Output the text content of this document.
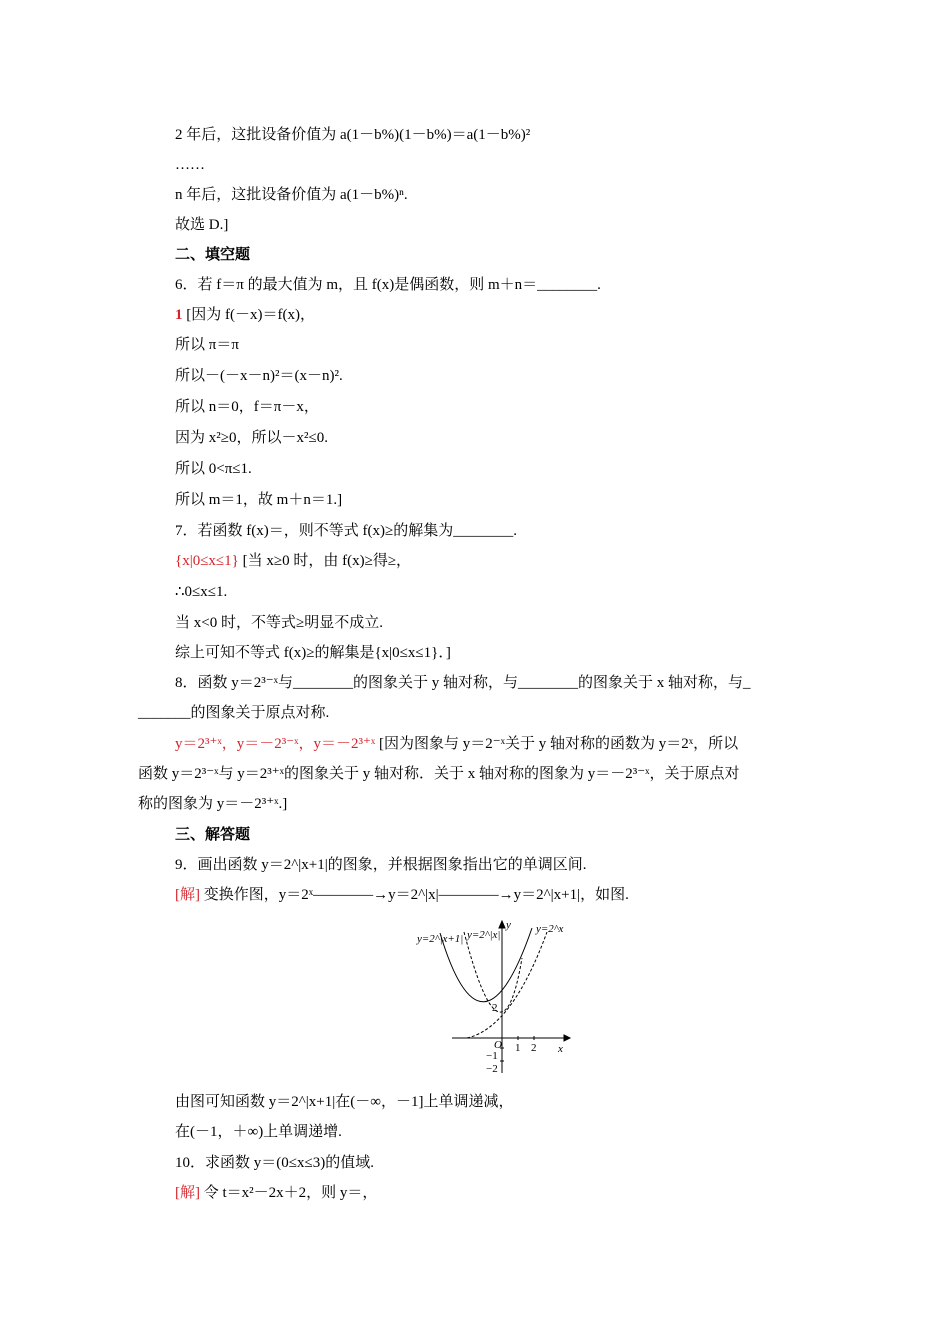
2 年后，这批设备价值为 a(1－b%)(1－b%)＝a(1－b%)²
……
n 年后，这批设备价值为 a(1－b%)ⁿ.
故选 D.]
二、填空题
6．若 f＝π 的最大值为 m，且 f(x)是偶函数，则 m＋n＝________.
1 [因为 f(－x)＝f(x)，
所以 π＝π
所以－(－x－n)²＝(x－n)².
所以 n＝0，f＝π－x，
因为 x²≥0，所以－x²≤0.
所以 0<π≤1.
所以 m＝1，故 m＋n＝1.]
7．若函数 f(x)＝，则不等式 f(x)≥的解集为________.
{x|0≤x≤1} [当 x≥0 时，由 f(x)≥得≥，
∴0≤x≤1.
当 x<0 时，不等式≥明显不成立.
综上可知不等式 f(x)≥的解集是{x|0≤x≤1}．]
8．函数 y＝2³⁻ˣ与________的图象关于 y 轴对称，与________的图象关于 x 轴对称，与_
_______的图象关于原点对称.
y＝2³⁺ˣ，y＝－2³⁻ˣ，y＝－2³⁺ˣ [因为图象与 y＝2⁻ˣ关于 y 轴对称的函数为 y＝2ˣ，所以
函数 y＝2³⁻ˣ与 y＝2³⁺ˣ的图象关于 y 轴对称．关于 x 轴对称的图象为 y＝－2³⁻ˣ，关于原点对
称的图象为 y＝－2³⁺ˣ.]
三、解答题
9．画出函数 y＝2^|x+1|的图象，并根据图象指出它的单调区间.
[解] 变换作图，y＝2ˣ————→y＝2^|x|————→y＝2^|x+1|，如图.
y=2^|x+1| y=2^|x|	y=2^x
y
x
O 1 2
−1
−2
2
由图可知函数 y＝2^|x+1|在(－∞，－1]上单调递减，
在(－1，＋∞)上单调递增.
10．求函数 y＝(0≤x≤3)的值域.
[解] 令 t＝x²－2x＋2，则 y＝，
